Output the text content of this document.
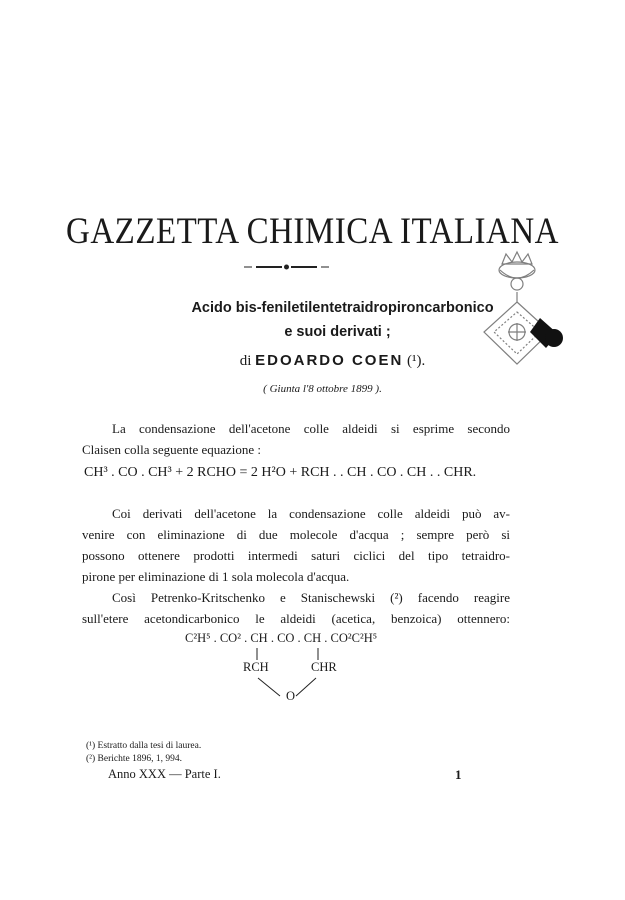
GAZZETTA CHIMICA ITALIANA
Acido bis-feniletilentetraidropironcarbonico
e suoi derivati ;
di EDOARDO COEN (¹).
( Giunta l'8 ottobre 1899 ).

La condensazione dell'acetone colle aldeidi si esprime secondo

Claisen colla seguente equazione :

CH³ . CO . CH³ + 2 RCHO = 2 H²O + RCH . . CH . CO . CH . . CHR.

Coi derivati dell'acetone la condensazione colle aldeidi può av-

venire con eliminazione di due molecole d'acqua ; sempre però si

possono ottenere prodotti intermedi saturi ciclici del tipo tetraidro-

pirone per eliminazione di 1 sola molecola d'acqua.

Così Petrenko-Kritschenko e Stanischewski (²) facendo reagire

sull'etere acetondicarbonico le aldeidi (acetica, benzoica) ottennero:

C²H⁵ . CO² . CH . CO . CH . CO²C²H⁵
RCH	CHR
O
(¹) Estratto dalla tesi di laurea.
(²) Berichte 1896, 1, 994.
Anno XXX — Parte I.	1
